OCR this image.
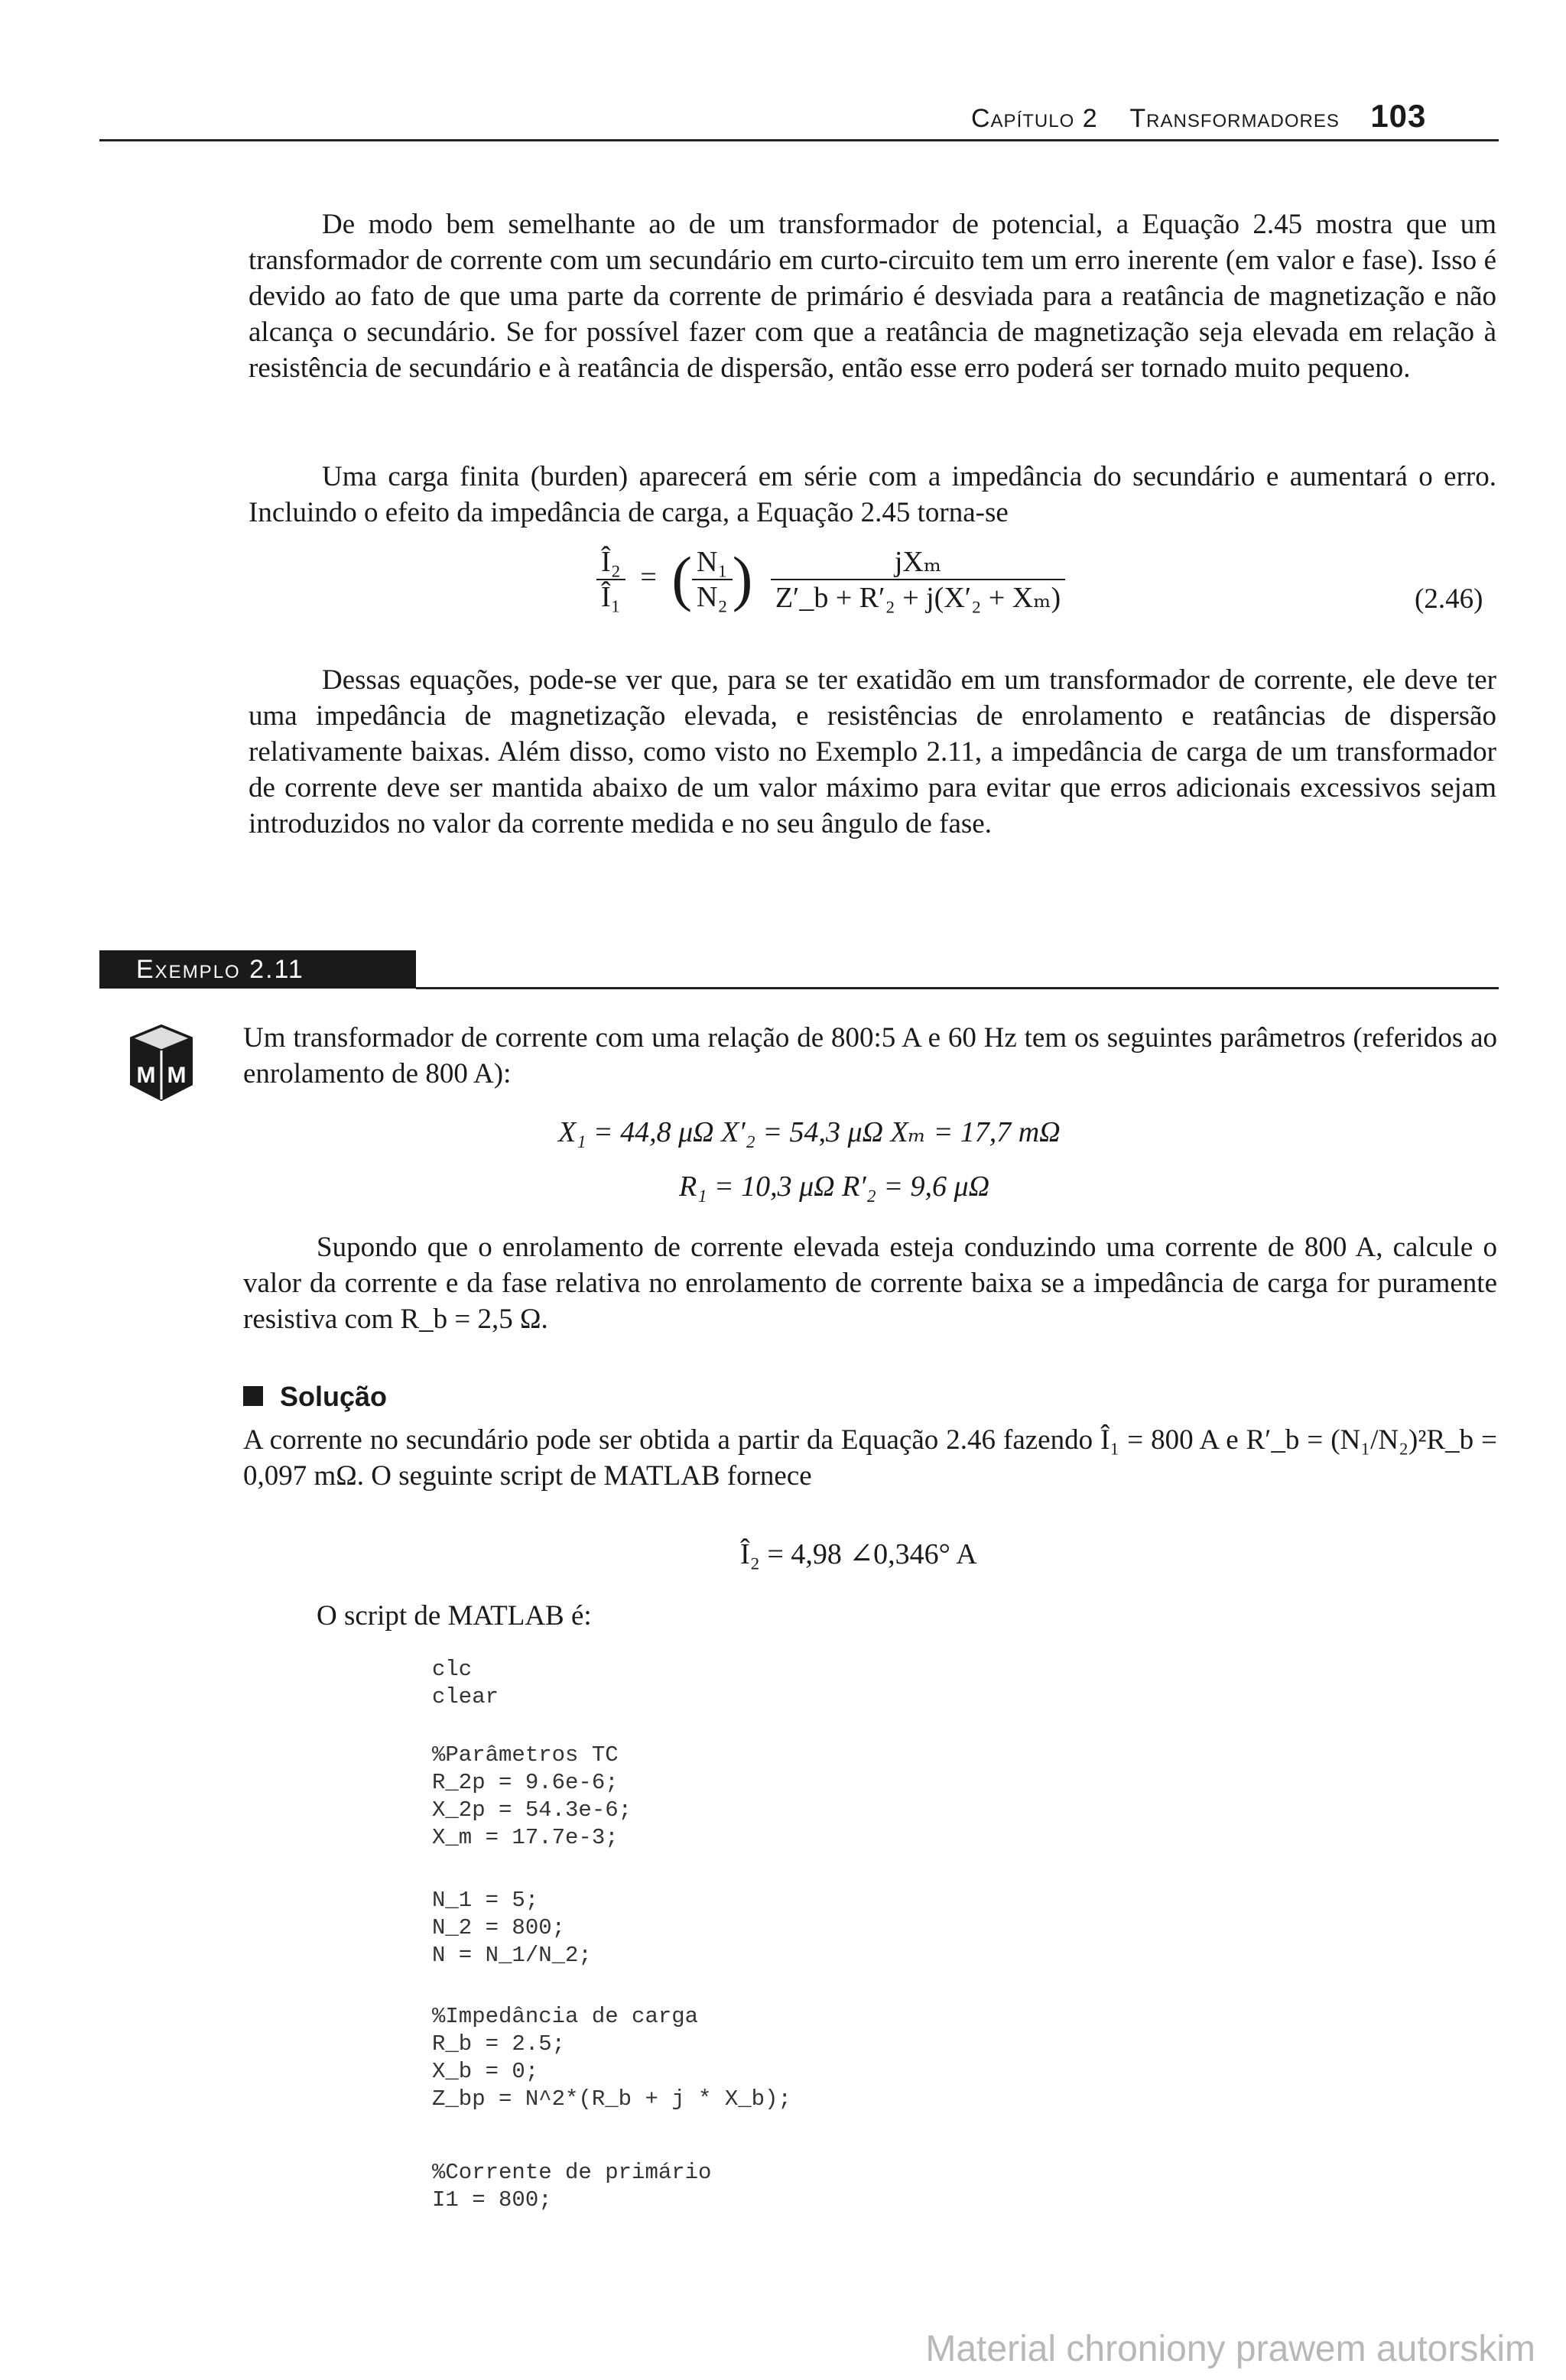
Capítulo 2 Transformadores 103

De modo bem semelhante ao de um transformador de potencial, a Equação 2.45 mostra que um transformador de corrente com um secundário em curto-circuito tem um erro inerente (em valor e fase). Isso é devido ao fato de que uma parte da corrente de primário é desviada para a reatância de magnetização e não alcança o secundário. Se for possível fazer com que a reatância de magnetização seja elevada em relação à resistência de secundário e à reatância de dispersão, então esse erro poderá ser tornado muito pequeno.

Uma carga finita (burden) aparecerá em série com a impedância do secundário e aumentará o erro. Incluindo o efeito da impedância de carga, a Equação 2.45 torna-se

$\frac{\text{Î₂}}{\text{Î₁}}$ = ( $\frac{\text{N₁}}{\text{N₂}}$ ) $\frac{\text{jXₘ}}{\text{Z′\_b + R′₂ + j(X′₂ + Xₘ)}}$	(2.46)

Dessas equações, pode-se ver que, para se ter exatidão em um transformador de corrente, ele deve ter uma impedância de magnetização elevada, e resistências de enrolamento e reatâncias de dispersão relativamente baixas. Além disso, como visto no Exemplo 2.11, a impedância de carga de um transformador de corrente deve ser mantida abaixo de um valor máximo para evitar que erros adicionais excessivos sejam introduzidos no valor da corrente medida e no seu ângulo de fase.

Exemplo 2.11
M M

Um transformador de corrente com uma relação de 800:5 A e 60 Hz tem os seguintes parâmetros (referidos ao enrolamento de 800 A):

X₁ = 44,8 μΩ X′₂ = 54,3 μΩ Xₘ = 17,7 mΩ
R₁ = 10,3 μΩ R′₂ = 9,6 μΩ

Supondo que o enrolamento de corrente elevada esteja conduzindo uma corrente de 800 A, calcule o valor da corrente e da fase relativa no enrolamento de corrente baixa se a impedância de carga for puramente resistiva com R_b = 2,5 Ω.

Solução

A corrente no secundário pode ser obtida a partir da Equação 2.46 fazendo Î₁ = 800 A e R′_b = (N₁/N₂)²R_b = 0,097 mΩ. O seguinte script de MATLAB fornece

Î₂ = 4,98 ∠0,346° A
O script de MATLAB é:
clc
clear
%Parâmetros TC
R_2p = 9.6e-6;
X_2p = 54.3e-6;
X_m = 17.7e-3;
N_1 = 5;
N_2 = 800;
N = N_1/N_2;
%Impedância de carga
R_b = 2.5;
X_b = 0;
Z_bp = N^2*(R_b + j * X_b);
%Corrente de primário
I1 = 800;
Material chroniony prawem autorskim
